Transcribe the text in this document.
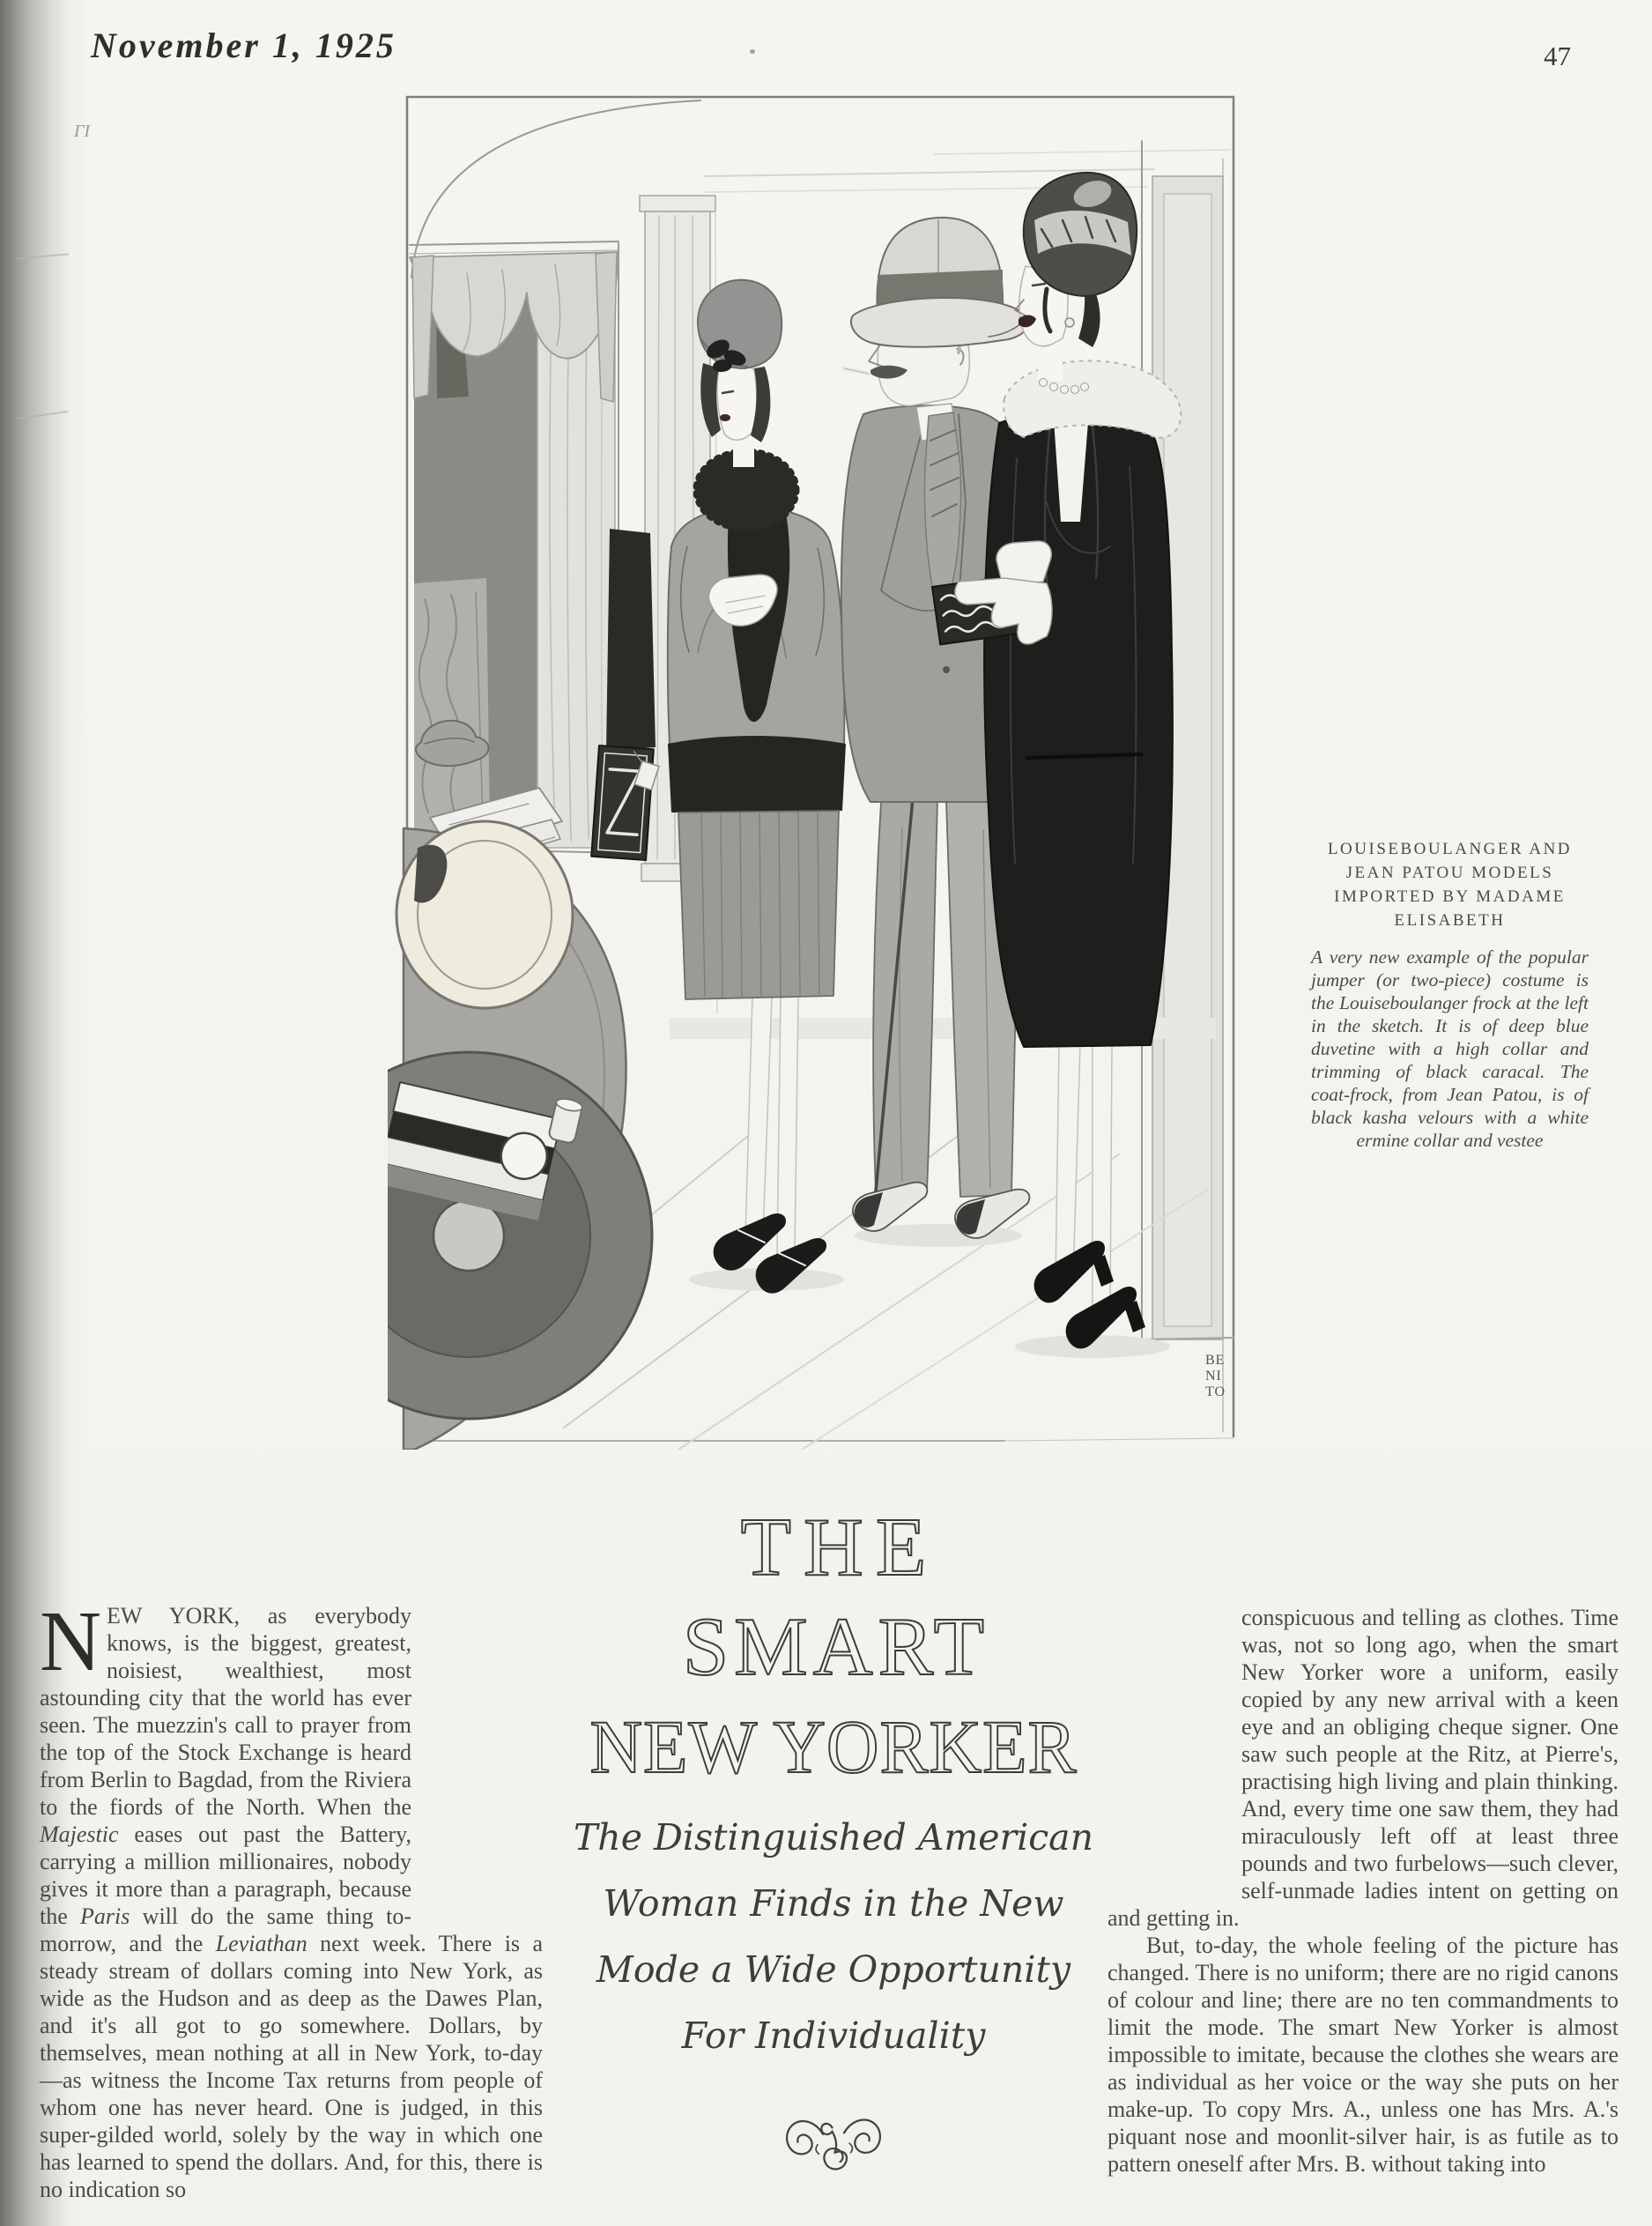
ΓΙ
November 1, 1925	47
BE
NI
TO
LOUISEBOULANGER AND
JEAN PATOU MODELS
IMPORTED BY MADAME
ELISABETH
A very new example of the popular jumper (or two-piece) costume is the Louiseboulanger frock at the left in the sketch. It is of deep blue duvetine with a high collar and trimming of black caracal. The coat-frock, from Jean Patou, is of black kasha velours with a white ermine collar and vestee
THE
SMART
NEW YORKER
The Distinguished American
Woman Finds in the New
Mode a Wide Opportunity
For Individuality
N EW YORK, as everybody knows, is the biggest, greatest, noisiest, wealthiest, most astounding city that the world has ever seen. The muezzin's call to prayer from the top of the Stock Exchange is heard from Berlin to Bagdad, from the Riviera to the fiords of the North. When the Majestic eases out past the Battery, carrying a million millionaires, nobody gives it more than a paragraph, because the Paris will do the same thing to-morrow, and the Leviathan next week. There is a steady stream of dollars coming into New York, as wide as the Hudson and as deep as the Dawes Plan, and it's all got to go somewhere. Dollars, by themselves, mean nothing at all in New York, to-day—as witness the Income Tax returns from people of whom one has never heard. One is judged, in this super-gilded world, solely by the way in which one has learned to spend the dollars. And, for this, there is no indication so

conspicuous and telling as clothes. Time was, not so long ago, when the smart New Yorker wore a uniform, easily copied by any new arrival with a keen eye and an obliging cheque signer. One saw such people at the Ritz, at Pierre's, practising high living and plain thinking. And, every time one saw them, they had miraculously left off at least three pounds and two furbelows—such clever, self-unmade ladies intent on getting on and getting in.

But, to-day, the whole feeling of the picture has changed. There is no uniform; there are no rigid canons of colour and line; there are no ten commandments to limit the mode. The smart New Yorker is almost impossible to imitate, because the clothes she wears are as individual as her voice or the way she puts on her make-up. To copy Mrs. A., unless one has Mrs. A.'s piquant nose and moonlit-silver hair, is as futile as to pattern oneself after Mrs. B. without taking into
